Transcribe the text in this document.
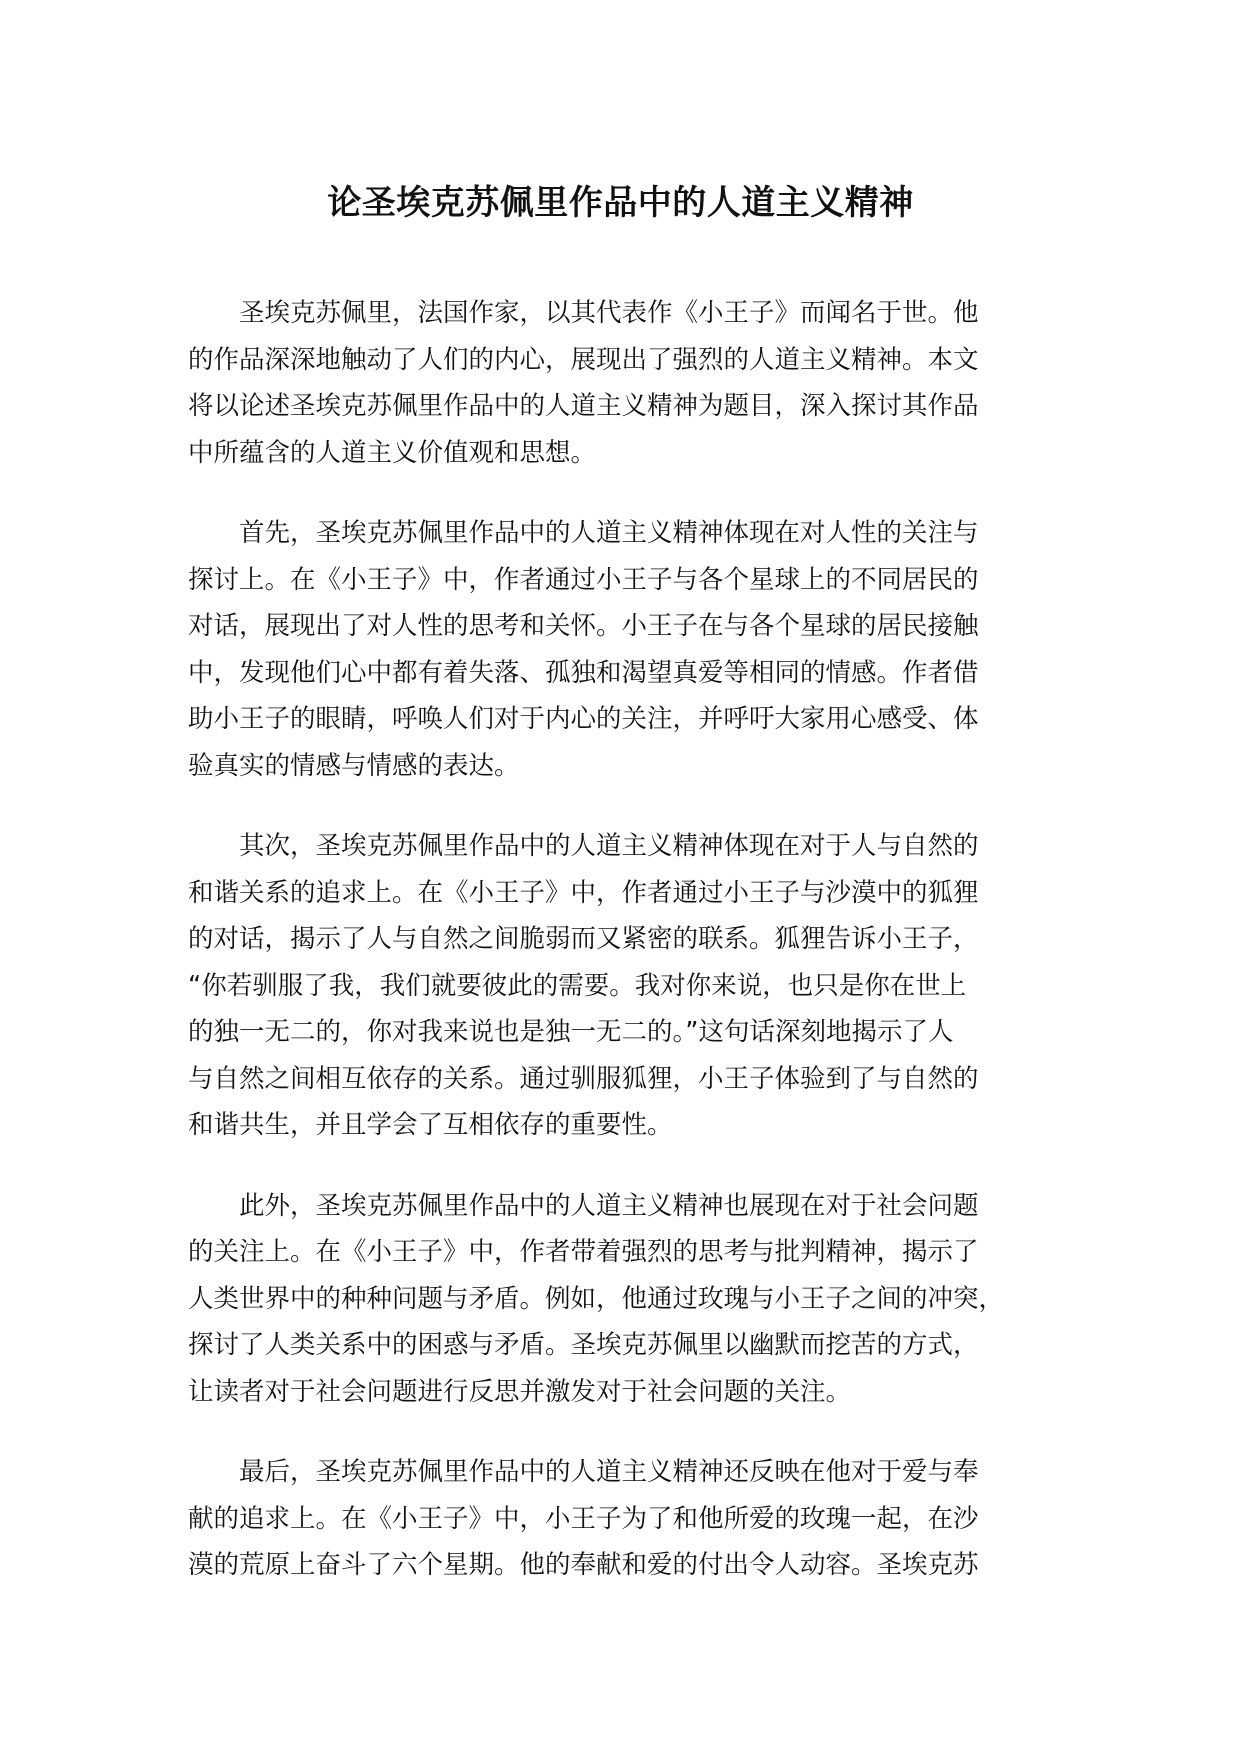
论圣埃克苏佩里作品中的人道主义精神
　　圣埃克苏佩里，法国作家，以其代表作《小王子》而闻名于世。他
的作品深深地触动了人们的内心，展现出了强烈的人道主义精神。本文
将以论述圣埃克苏佩里作品中的人道主义精神为题目，深入探讨其作品
中所蕴含的人道主义价值观和思想。
　　首先，圣埃克苏佩里作品中的人道主义精神体现在对人性的关注与
探讨上。在《小王子》中，作者通过小王子与各个星球上的不同居民的
对话，展现出了对人性的思考和关怀。小王子在与各个星球的居民接触
中，发现他们心中都有着失落、孤独和渴望真爱等相同的情感。作者借
助小王子的眼睛，呼唤人们对于内心的关注，并呼吁大家用心感受、体
验真实的情感与情感的表达。
　　其次，圣埃克苏佩里作品中的人道主义精神体现在对于人与自然的
和谐关系的追求上。在《小王子》中，作者通过小王子与沙漠中的狐狸
的对话，揭示了人与自然之间脆弱而又紧密的联系。狐狸告诉小王子，
“你若驯服了我，我们就要彼此的需要。我对你来说，也只是你在世上
的独一无二的，你对我来说也是独一无二的。”这句话深刻地揭示了人
与自然之间相互依存的关系。通过驯服狐狸，小王子体验到了与自然的
和谐共生，并且学会了互相依存的重要性。
　　此外，圣埃克苏佩里作品中的人道主义精神也展现在对于社会问题
的关注上。在《小王子》中，作者带着强烈的思考与批判精神，揭示了
人类世界中的种种问题与矛盾。例如，他通过玫瑰与小王子之间的冲突，
探讨了人类关系中的困惑与矛盾。圣埃克苏佩里以幽默而挖苦的方式，
让读者对于社会问题进行反思并激发对于社会问题的关注。
　　最后，圣埃克苏佩里作品中的人道主义精神还反映在他对于爱与奉
献的追求上。在《小王子》中，小王子为了和他所爱的玫瑰一起，在沙
漠的荒原上奋斗了六个星期。他的奉献和爱的付出令人动容。圣埃克苏
